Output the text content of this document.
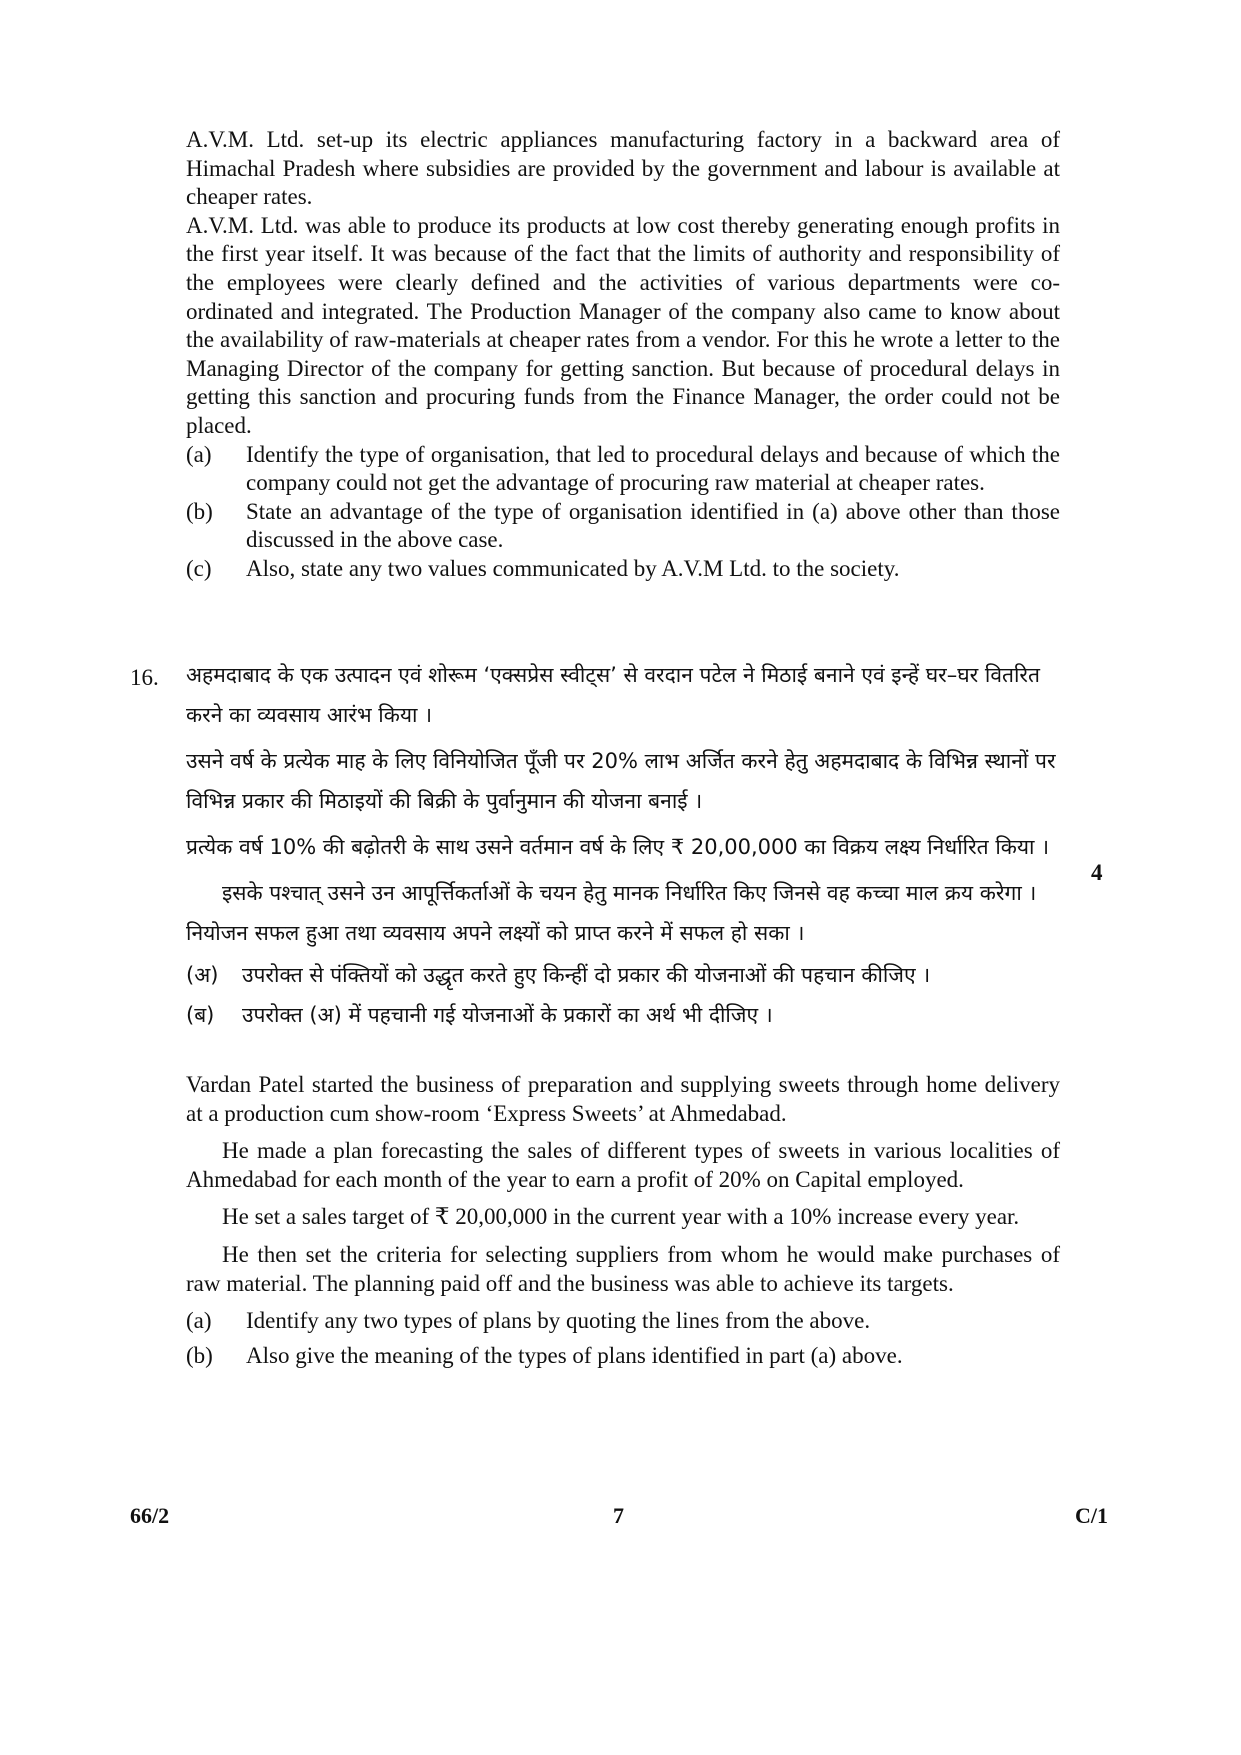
A.V.M. Ltd. set-up its electric appliances manufacturing factory in a backward area of Himachal Pradesh where subsidies are provided by the government and labour is available at cheaper rates.

A.V.M. Ltd. was able to produce its products at low cost thereby generating enough profits in the first year itself. It was because of the fact that the limits of authority and responsibility of the employees were clearly defined and the activities of various departments were co-ordinated and integrated. The Production Manager of the company also came to know about the availability of raw-materials at cheaper rates from a vendor. For this he wrote a letter to the Managing Director of the company for getting sanction. But because of procedural delays in getting this sanction and procuring funds from the Finance Manager, the order could not be placed.

(a)	Identify the type of organisation, that led to procedural delays and because of which the company could not get the advantage of procuring raw material at cheaper rates.
(b)	State an advantage of the type of organisation identified in (a) above other than those discussed in the above case.
(c)	Also, state any two values communicated by A.V.M Ltd. to the society.
16. अहमदाबाद के एक उत्पादन एवं शोरूम ‘एक्सप्रेस स्वीट्स’ से वरदान पटेल ने मिठाई बनाने एवं इन्हें घर–घर वितरित करने का व्यवसाय आरंभ किया ।

उसने वर्ष के प्रत्येक माह के लिए विनियोजित पूँजी पर 20% लाभ अर्जित करने हेतु अहमदाबाद के विभिन्न स्थानों पर विभिन्न प्रकार की मिठाइयों की बिक्री के पुर्वानुमान की योजना बनाई ।

प्रत्येक वर्ष 10% की बढ़ोतरी के साथ उसने वर्तमान वर्ष के लिए ₹ 20,00,000 का विक्रय लक्ष्य निर्धारित किया ।

इसके पश्चात् उसने उन आपूर्त्तिकर्ताओं के चयन हेतु मानक निर्धारित किए जिनसे वह कच्चा माल क्रय करेगा । नियोजन सफल हुआ तथा व्यवसाय अपने लक्ष्यों को प्राप्त करने में सफल हो सका ।

(अ)	उपरोक्त से पंक्तियों को उद्धृत करते हुए किन्हीं दो प्रकार की योजनाओं की पहचान कीजिए ।
(ब)	उपरोक्त (अ) में पहचानी गई योजनाओं के प्रकारों का अर्थ भी दीजिए ।
4

Vardan Patel started the business of preparation and supplying sweets through home delivery at a production cum show-room ‘Express Sweets’ at Ahmedabad.

He made a plan forecasting the sales of different types of sweets in various localities of Ahmedabad for each month of the year to earn a profit of 20% on Capital employed.

He set a sales target of ₹ 20,00,000 in the current year with a 10% increase every year.

He then set the criteria for selecting suppliers from whom he would make purchases of raw material. The planning paid off and the business was able to achieve its targets.

(a)	Identify any two types of plans by quoting the lines from the above.
(b)	Also give the meaning of the types of plans identified in part (a) above.
66/2	7	C/1
